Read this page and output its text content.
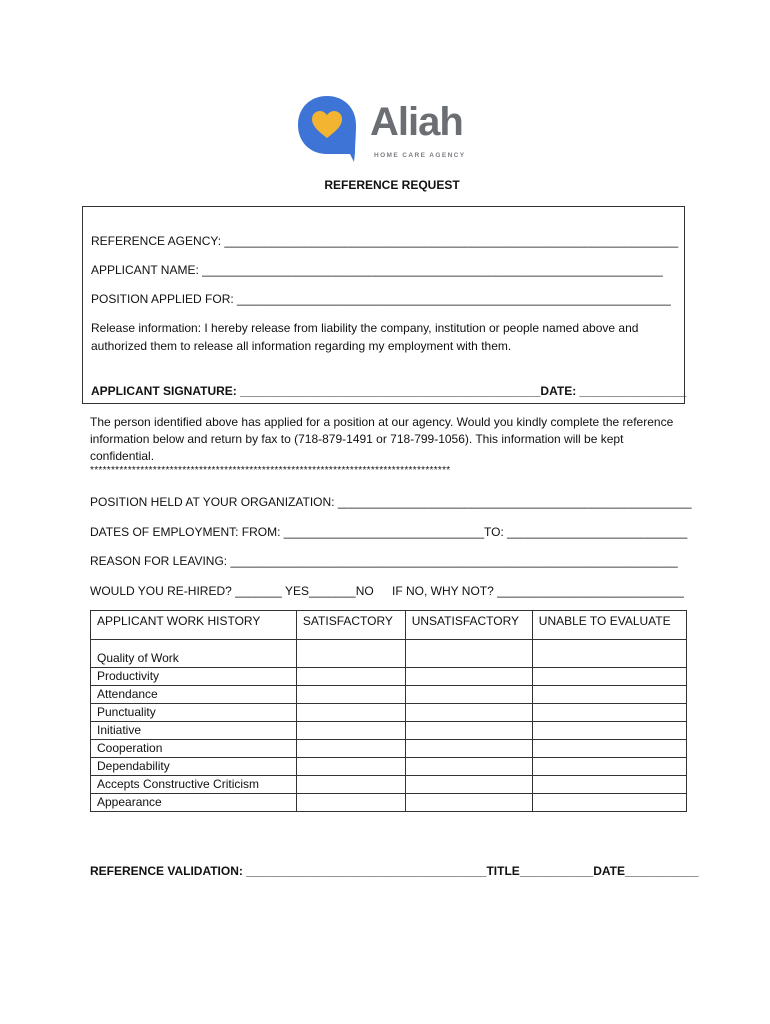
Aliah
HOME CARE AGENCY
REFERENCE REQUEST
REFERENCE AGENCY: ____________________________________________________________________
APPLICANT NAME: _____________________________________________________________________
POSITION APPLIED FOR: _________________________________________________________________
Release information: I hereby release from liability the company, institution or people named above and authorized them to release all information regarding my employment with them.
APPLICANT SIGNATURE: _____________________________________________DATE: ________________
The person identified above has applied for a position at our agency. Would you kindly complete the reference information below and return by fax to (718-879-1491 or 718-799-1056). This information will be kept confidential.
**************************************************************************************
POSITION HELD AT YOUR ORGANIZATION: _____________________________________________________
DATES OF EMPLOYMENT: FROM: ______________________________TO: ___________________________
REASON FOR LEAVING: ___________________________________________________________________
WOULD YOU RE-HIRED? _______ YES_______NO IF NO, WHY NOT? ____________________________
APPLICANT WORK HISTORY	SATISFACTORY	UNSATISFACTORY	UNABLE TO EVALUATE
Quality of Work			
Productivity			
Attendance			
Punctuality			
Initiative			
Cooperation			
Dependability			
Accepts Constructive Criticism			
Appearance			
REFERENCE VALIDATION: ____________________________________TITLE___________DATE___________
